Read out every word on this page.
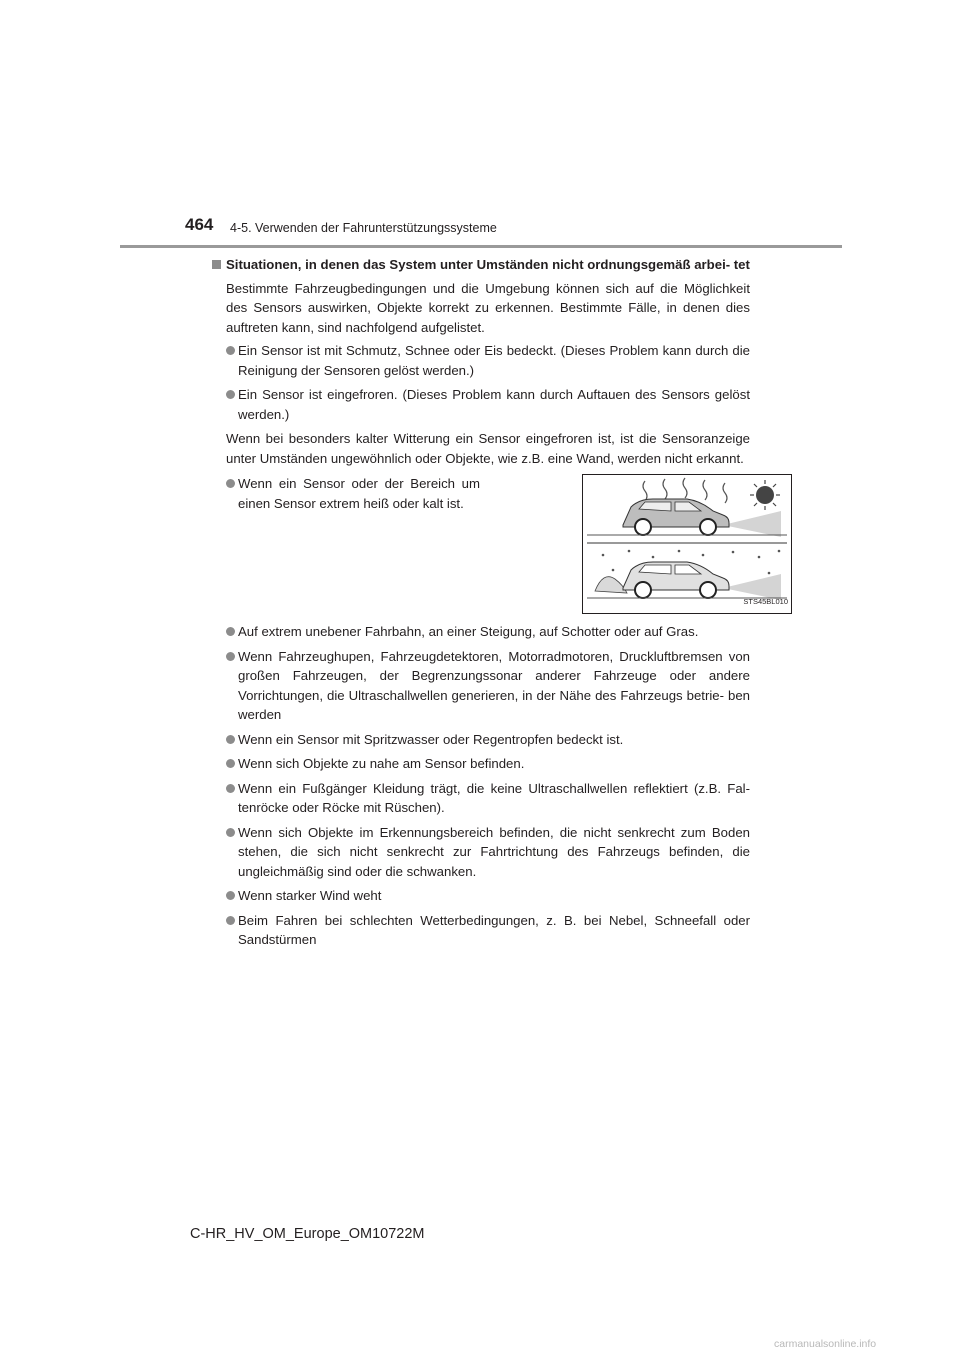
464 4-5. Verwenden der Fahrunterstützungssysteme
Situationen, in denen das System unter Umständen nicht ordnungsgemäß arbei- tet

Bestimmte Fahrzeugbedingungen und die Umgebung können sich auf die Möglichkeit des Sensors auswirken, Objekte korrekt zu erkennen. Bestimmte Fälle, in denen dies auftreten kann, sind nachfolgend aufgelistet.

Ein Sensor ist mit Schmutz, Schnee oder Eis bedeckt. (Dieses Problem kann durch die Reinigung der Sensoren gelöst werden.)
Ein Sensor ist eingefroren. (Dieses Problem kann durch Auftauen des Sensors gelöst werden.)

Wenn bei besonders kalter Witterung ein Sensor eingefroren ist, ist die Sensoranzeige unter Umständen ungewöhnlich oder Objekte, wie z.B. eine Wand, werden nicht erkannt.

Wenn ein Sensor oder der Bereich um einen Sensor extrem heiß oder kalt ist.
STS45BL010
Auf extrem unebener Fahrbahn, an einer Steigung, auf Schotter oder auf Gras.
Wenn Fahrzeughupen, Fahrzeugdetektoren, Motorradmotoren, Druckluftbremsen von großen Fahrzeugen, der Begrenzungssonar anderer Fahrzeuge oder andere Vorrichtungen, die Ultraschallwellen generieren, in der Nähe des Fahrzeugs betrie- ben werden
Wenn ein Sensor mit Spritzwasser oder Regentropfen bedeckt ist.
Wenn sich Objekte zu nahe am Sensor befinden.
Wenn ein Fußgänger Kleidung trägt, die keine Ultraschallwellen reflektiert (z.B. Fal- tenröcke oder Röcke mit Rüschen).
Wenn sich Objekte im Erkennungsbereich befinden, die nicht senkrecht zum Boden stehen, die sich nicht senkrecht zur Fahrtrichtung des Fahrzeugs befinden, die ungleichmäßig sind oder die schwanken.
Wenn starker Wind weht
Beim Fahren bei schlechten Wetterbedingungen, z. B. bei Nebel, Schneefall oder Sandstürmen
C-HR_HV_OM_Europe_OM10722M
carmanualsonline.info
